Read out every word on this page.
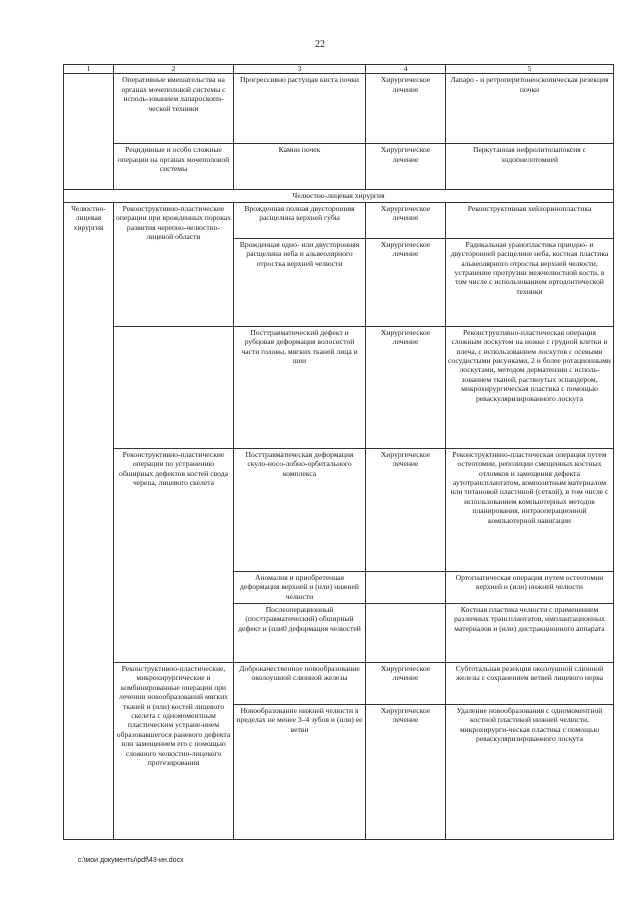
22
1	2	3	4	5
	Оперативные вмешательства на органах мочеполовой системы с исполь-зованием лапароскопи-ческой техники	Прогрессивно растущая киста почки	Хирургическое лечение	Лапаро - и ретроперитонеоскопическая резекция почки
	Рецидивные и особо сложные операции на органах мочеполовой системы	Камни почек	Хирургическое лечение	Перкутанная нефролитолапоксия с эндопиелотомией
Челюстно-лицевая хирургия				
Челюстно-лицевая хирургия	Реконструктивно-пластические операции при врожденных пороках развития черепно-челюстно-лицевой области	Врожденная полная двусторонняя расщелина верхней губы	Хирургическое лечение	Реконструктивная хейлоринопластика
		Врожденная одно- или двусторонняя расщелина неба и альвеолярного отростка верхней челюсти	Хирургическое лечение	Радикальная уранопластика приодно- и двусторонней расщелине неба, костная пластика альвеолярного отростка верхней челюсти, устранение протрузии межчелюстной кости, в том числе с использованием ортодонтической техники
		Посттравматический дефект и рубцовая деформация волосистой части головы, мягких тканей лица и шеи	Хирургическое лечение	Реконструктивно-пластическая операция сложным лоскутом на ножке с грудной клетки и плеча, с использованием лоскутов с осевыми сосудистыми рисунками, 2 и более ротационными лоскутами, методом дерматензии с исполь-зованием тканей, растянутых эспандером, микрохирургическая пластика с помощью реваскуляризированного лоскута
	Реконструктивно-пластические операции по устранению обширных дефектов костей свода черепа, лицевого скелета	Посттравматическая деформация скуло-носо-лобно-орбитального комплекса	Хирургическое лечение	Реконструктивно-пластическая операция путем остеотомии, репозиции смещенных костных отломков и замещения дефекта аутотрансплантатом, композитным материалом или титановой пластиной (сеткой), в том числе с использованием компьютерных методов планирования, интраоперационной компьютерной навигации
		Аномалия и приобретенная деформация верхней и (или) нижней челюсти		Ортогнатическая операция путем остеотомии верхней и (или) нижней челюсти
		Послеоперационный (посттравматический) обширный дефект и (или0 деформация челюстей		Костная пластика челюсти с применением различных трансплантатов, имплантационных материалов и (или) дистракционного аппарата
	Реконструктивно-пластические, микрохирургические и комбинированные операции при лечении новообразований мягких тканей и (или) костей лицевого скелета с одномоментным пластическим устране-нием образовавшегося раневого дефекта или замещением его с помощью сложного челюстно-лицевого протезирования	Доброкачественное новообразование околоушной слюнной железы	Хирургическое лечение	Субтотальная резекция околоушной слюнной железы с сохранением ветвей лицевого нерва
		Новообразование нижней челюсти в пределах не менее 3–4 зубов и (или) ее ветви	Хирургическое лечение	Удаление новообразования с одномоментной костной пластикой нижней челюсти, микрохирурги-ческая пластика с помощью реваскуляризированного лоскута
c:\мои документы\pdf\43-ин.docx
